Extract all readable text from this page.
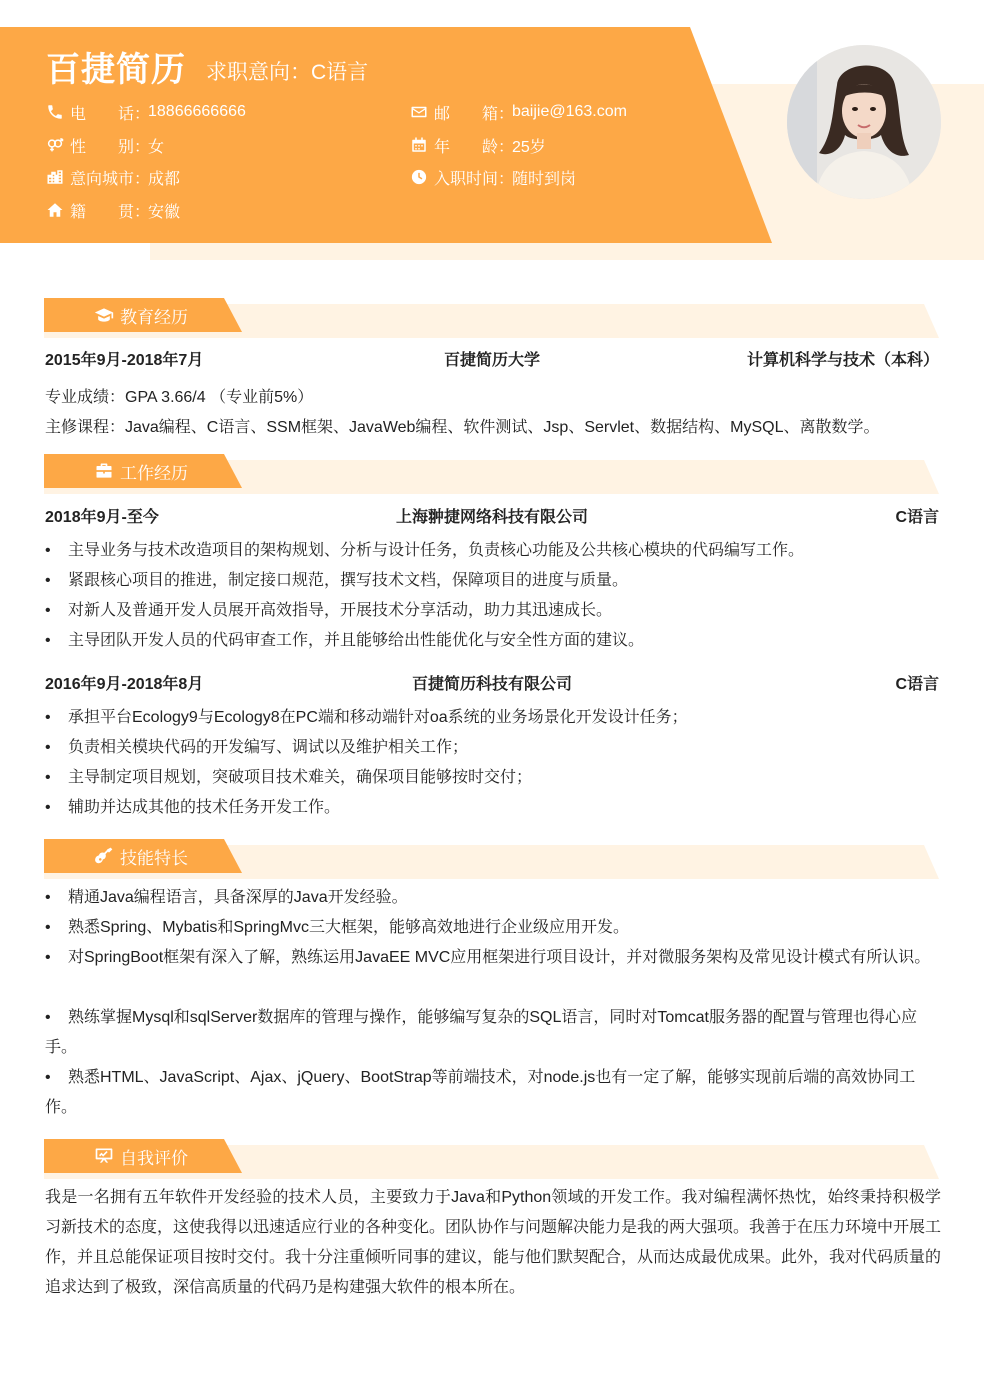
百捷简历 求职意向：C语言
电　　话：
18866666666	邮　　箱：
baijie@163.com
性　　别：
女	年　　龄：
25岁
意向城市：
成都	入职时间：
随时到岗
籍　　贯：
安徽
教育经历
2015年9月-2018年7月	百捷简历大学	计算机科学与技术（本科）
专业成绩：GPA 3.66/4 （专业前5%）
主修课程：Java编程、C语言、SSM框架、JavaWeb编程、软件测试、Jsp、Servlet、数据结构、MySQL、离散数学。
工作经历
2018年9月-至今	上海翀捷网络科技有限公司	C语言
• 主导业务与技术改造项目的架构规划、分析与设计任务，负责核心功能及公共核心模块的代码编写工作。
• 紧跟核心项目的推进，制定接口规范，撰写技术文档，保障项目的进度与质量。
• 对新人及普通开发人员展开高效指导，开展技术分享活动，助力其迅速成长。
• 主导团队开发人员的代码审查工作，并且能够给出性能优化与安全性方面的建议。
2016年9月-2018年8月	百捷简历科技有限公司	C语言
• 承担平台Ecology9与Ecology8在PC端和移动端针对oa系统的业务场景化开发设计任务；
• 负责相关模块代码的开发编写、调试以及维护相关工作；
• 主导制定项目规划，突破项目技术难关，确保项目能够按时交付；
• 辅助并达成其他的技术任务开发工作。
技能特长
• 精通Java编程语言，具备深厚的Java开发经验。
• 熟悉Spring、Mybatis和SpringMvc三大框架，能够高效地进行企业级应用开发。
• 对SpringBoot框架有深入了解，熟练运用JavaEE MVC应用框架进行项目设计，并对微服务架构及常见设计模式有所认识。
• 熟练掌握Mysql和sqlServer数据库的管理与操作，能够编写复杂的SQL语言，同时对Tomcat服务器的配置与管理也得心应手。
• 熟悉HTML、JavaScript、Ajax、jQuery、BootStrap等前端技术，对node.js也有一定了解，能够实现前后端的高效协同工作。
自我评价
我是一名拥有五年软件开发经验的技术人员，主要致力于Java和Python领域的开发工作。我对编程满怀热忱，始终秉持积极学习新技术的态度，这使我得以迅速适应行业的各种变化。团队协作与问题解决能力是我的两大强项。我善于在压力环境中开展工作，并且总能保证项目按时交付。我十分注重倾听同事的建议，能与他们默契配合，从而达成最优成果。此外，我对代码质量的追求达到了极致，深信高质量的代码乃是构建强大软件的根本所在。
